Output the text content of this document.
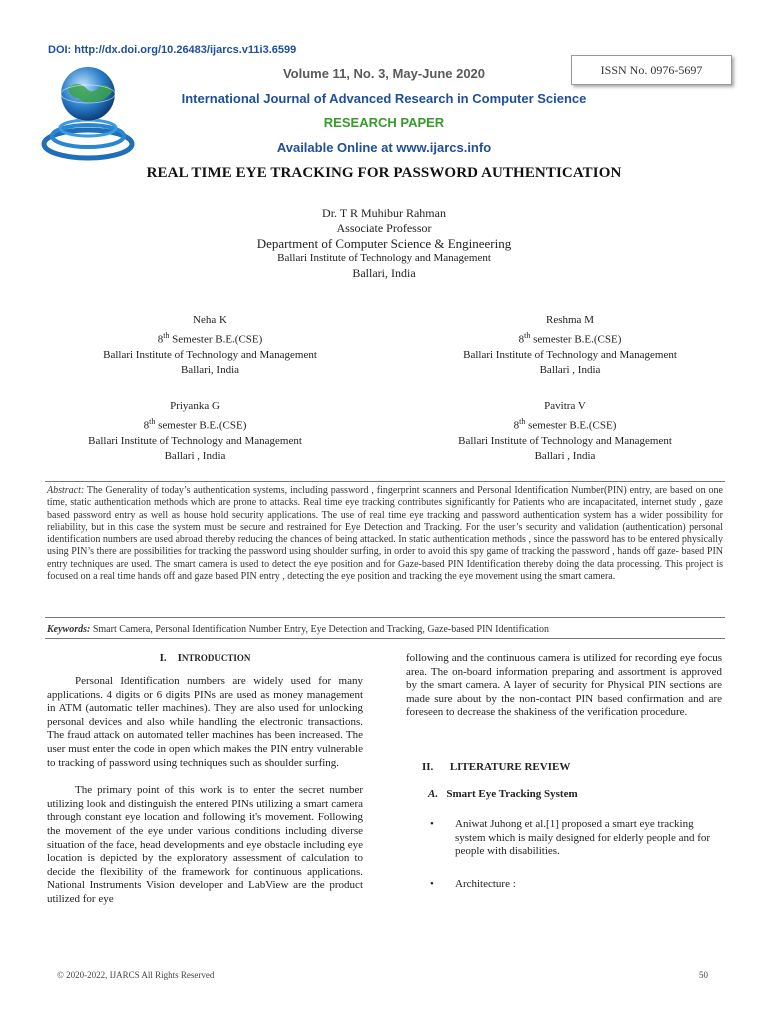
DOI: http://dx.doi.org/10.26483/ijarcs.v11i3.6599
Volume 11, No. 3, May-June 2020	ISSN No. 0976-5697
International Journal of Advanced Research in Computer Science
RESEARCH PAPER
Available Online at www.ijarcs.info
REAL TIME EYE TRACKING FOR PASSWORD AUTHENTICATION
Dr. T R Muhibur Rahman
Associate Professor
Department of Computer Science & Engineering
Ballari Institute of Technology and Management
Ballari, India
Neha K
8th Semester B.E.(CSE)
Ballari Institute of Technology and Management
Ballari, India
Reshma M
8th semester B.E.(CSE)
Ballari Institute of Technology and Management
Ballari , India
Priyanka G
8th semester B.E.(CSE)
Ballari Institute of Technology and Management
Ballari , India
Pavitra V
8th semester B.E.(CSE)
Ballari Institute of Technology and Management
Ballari , India
Abstract: The Generality of today’s authentication systems, including password , fingerprint scanners and Personal Identification Number(PIN) entry, are based on one time, static authentication methods which are prone to attacks. Real time eye tracking contributes significantly for Patients who are incapacitated, internet study , gaze based password entry as well as house hold security applications. The use of real time eye tracking and password authentication system has a wider possibility for reliability, but in this case the system must be secure and restrained for Eye Detection and Tracking. For the user’s security and validation (authentication) personal identification numbers are used abroad thereby reducing the chances of being attacked. In static authentication methods , since the password has to be entered physically using PIN’s there are possibilities for tracking the password using shoulder surfing, in order to avoid this spy game of tracking the password , hands off gaze- based PIN entry techniques are used. The smart camera is used to detect the eye position and for Gaze-based PIN Identification thereby doing the data processing. This project is focused on a real time hands off and gaze based PIN entry , detecting the eye position and tracking the eye movement using the smart camera.
Keywords: Smart Camera, Personal Identification Number Entry, Eye Detection and Tracking, Gaze-based PIN Identification
I. INTRODUCTION

Personal Identification numbers are widely used for many applications. 4 digits or 6 digits PINs are used as money management in ATM (automatic teller machines). They are also used for unlocking personal devices and also while handling the electronic transactions. The fraud attack on automated teller machines has been increased. The user must enter the code in open which makes the PIN entry vulnerable to tracking of password using techniques such as shoulder surfing.

The primary point of this work is to enter the secret number utilizing look and distinguish the entered PINs utilizing a smart camera through constant eye location and following it's movement. Following the movement of the eye under various conditions including diverse situation of the face, head developments and eye obstacle including eye location is depicted by the exploratory assessment of calculation to decide the flexibility of the framework for continuous applications. National Instruments Vision developer and LabView are the product utilized for eye

following and the continuous camera is utilized for recording eye focus area. The on-board information preparing and assortment is approved by the smart camera. A layer of security for Physical PIN sections are made sure about by the non-contact PIN based confirmation and are foreseen to decrease the shakiness of the verification procedure.

II. LITERATURE REVIEW
A. Smart Eye Tracking System
• Aniwat Juhong et al.[1] proposed a smart eye tracking system which is maily designed for elderly people and for people with disabilities.
• Architecture :
© 2020-2022, IJARCS All Rights Reserved	50
